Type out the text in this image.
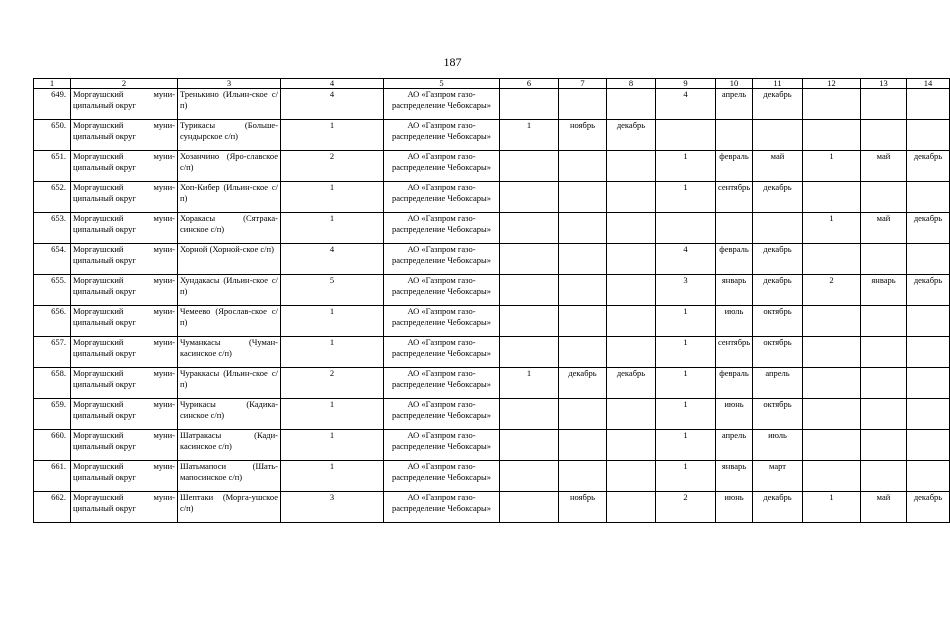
187
1	2	3	4	5	6	7	8	9	10	11	12	13	14
649.	Моргаушский муни-ципальный округ	Тренькино (Ильин-ское с/п)	4	АО «Газпром газо-распределение Чебоксары»				4	апрель	декабрь			
650.	Моргаушский муни-ципальный округ	Турикасы (Большe-сундырское с/п)	1	АО «Газпром газо-распределение Чебоксары»	1	ноябрь	декабрь						
651.	Моргаушский муни-ципальный округ	Хозанчино (Яро-славское с/п)	2	АО «Газпром газо-распределение Чебоксары»				1	февраль	май	1	май	декабрь
652.	Моргаушский муни-ципальный округ	Хоп-Кибер (Ильин-ское с/п)	1	АО «Газпром газо-распределение Чебоксары»				1	сентябрь	декабрь			
653.	Моргаушский муни-ципальный округ	Хоракасы (Сятрака-синское с/п)	1	АО «Газпром газо-распределение Чебоксары»							1	май	декабрь
654.	Моргаушский муни-ципальный округ	Хорной (Хорной-ское с/п)	4	АО «Газпром газо-распределение Чебоксары»				4	февраль	декабрь			
655.	Моргаушский муни-ципальный округ	Хундакасы (Ильин-ское с/п)	5	АО «Газпром газо-распределение Чебоксары»				3	январь	декабрь	2	январь	декабрь
656.	Моргаушский муни-ципальный округ	Чемеево (Ярослав-ское с/п)	1	АО «Газпром газо-распределение Чебоксары»				1	июль	октябрь			
657.	Моргаушский муни-ципальный округ	Чуманкасы (Чуман-касинское с/п)	1	АО «Газпром газо-распределение Чебоксары»				1	сентябрь	октябрь			
658.	Моргаушский муни-ципальный округ	Чураккасы (Ильин-ское с/п)	2	АО «Газпром газо-распределение Чебоксары»	1	декабрь	декабрь	1	февраль	апрель			
659.	Моргаушский муни-ципальный округ	Чурикасы (Кадика-синское с/п)	1	АО «Газпром газо-распределение Чебоксары»				1	июнь	октябрь			
660.	Моргаушский муни-ципальный округ	Шатракасы (Кади-касинское с/п)	1	АО «Газпром газо-распределение Чебоксары»				1	апрель	июль			
661.	Моргаушский муни-ципальный округ	Шатьмапоси (Шать-мапосинское с/п)	1	АО «Газпром газо-распределение Чебоксары»				1	январь	март			
662.	Моргаушский муни-ципальный округ	Шептаки (Морга-ушское с/п)	3	АО «Газпром газо-распределение Чебоксары»		ноябрь		2	июнь	декабрь	1	май	декабрь
